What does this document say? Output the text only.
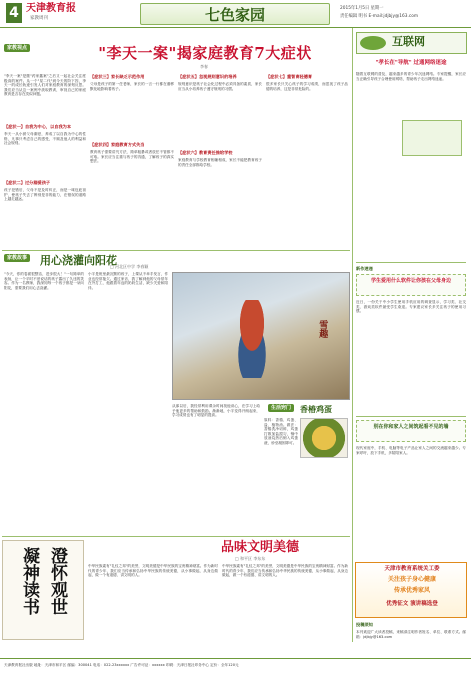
4 天津教育报
家教周刊	七色家园	2015年1月5日 星期一
责任编辑 明书 E-mail:jdjbjy@163.com
家教视点	"李天一案"揭家庭教育7大症状
李春
"李天一案"是继"药家鑫案"之后又一起社会关注度极高的案件。从一个"星二代"到今天的阶下囚，李天一的成长轨迹引发人们对家庭教育的深刻反思。我们应当从这一案例中汲取教训，审视自己的家庭教育是否存在类似问题。
【症状一】自我为中心，以自我为本
李天一从小被父母溺爱，养成了以自我为中心的性格，凡事只考虑自己的感受，不顾及他人的利益和社会规则。
【症状二】过分溺爱孩子
孩子犯错后，父母不是及时纠正，而是一味包庇袒护，使孩子失去了辨别是非的能力，在错误的道路上越走越远。
【症状三】家长缺乏示范作用
父母是孩子的第一任老师，家长的一言一行都在潜移默化地影响着孩子。
【症状四】家庭教育方式失当
教育孩子需要讲究方法，简单粗暴或者放任不管都不可取。家长应当注重与孩子的沟通，了解孩子的真实想法。
【症状五】忽视规则意识的培养
规则意识是孩子社会化过程中必须具备的素质，家长应当从小培养孩子遵守规则的习惯。
【症状六】教育责任推给学校
家庭教育与学校教育相辅相成，家长不能把教育孩子的责任全部推给学校。
【症状七】重智育轻德育
很多家长只关心孩子的学习成绩，而忽视了孩子品德的培养，这是非常危险的。
家教故事 用心浇灌向阳花
□ 河北区中学 李春颖
"今天，你的卷面很整洁，进步很大！"一句简单的表扬，让一个平时不爱说话的孩子露出了久违的笑容。作为一名教师，我深知每一个孩子都是一朵向阳花，需要我们用心去浇灌。
小宇是班里最沉默的孩子，上课从不举手发言，作业也经常拖欠。通过家访，我了解到他的父母常年在外打工，他跟着年迈的奶奶生活，缺少关爱和陪伴。
雪趣
从那以后，我经常利用课余时间找他谈心，在学习上给予他更多的帮助和鼓励。渐渐地，小宇变得开朗起来，学习成绩也有了明显的提高。
生活窍门	香椿鸡蛋
原料：香椿、鸡蛋、盐、植物油。做法：香椿洗净切碎，鸡蛋打散加盐搅匀，锅中放油烧热后倒入鸡蛋液，炒至凝固即可。
澄怀观世
凝神读书
品味文明美德
□ 和平区 李东东
中华民族素有"礼仪之邦"的美誉，文明美德是中华民族的宝贵精神财富。作为新时代的青少年，我们应当传承和弘扬中华民族的传统美德，从小事做起，从身边做起，做一个有道德、讲文明的人。
中华民族素有"礼仪之邦"的美誉，文明美德是中华民族的宝贵精神财富。作为新时代的青少年，我们应当传承和弘扬中华民族的传统美德，从小事做起，从身边做起，做一个有道德、讲文明的人。
互联网
"孝长在"导航" 过通网络迷途
随着互联网的普及，越来越多的青少年沉迷网络。专家提醒，家长应当正确引导孩子合理使用网络，帮助孩子走出网络迷途。
新作速递
学生爱用什么软件让你孩在父母身边
近日，一份关于中小学生使用手机应用的调查显示，学习类、社交类、游戏类软件最受学生欢迎。专家建议家长多关注孩子的使用习惯。
别在你和家人之间筑起看不见的墙
现代家庭中，手机、电脑等电子产品让家人之间的交流越来越少。专家呼吁，放下手机，多陪陪家人。
天津市教育系统关工委
关注孩子身心健康
传承优秀家风
优秀征文 演讲稿选登
投稿须知
本刊欢迎广大读者投稿，来稿请注明作者姓名、单位、联系方式。邮箱：jdjbjy@163.com
天津教育报社出版 地址：天津市和平区 邮编：300041 电话：022-23xxxxxx 广告许可证：xxxxxx 印刷：天津日报社印务中心 定价：全年120元
